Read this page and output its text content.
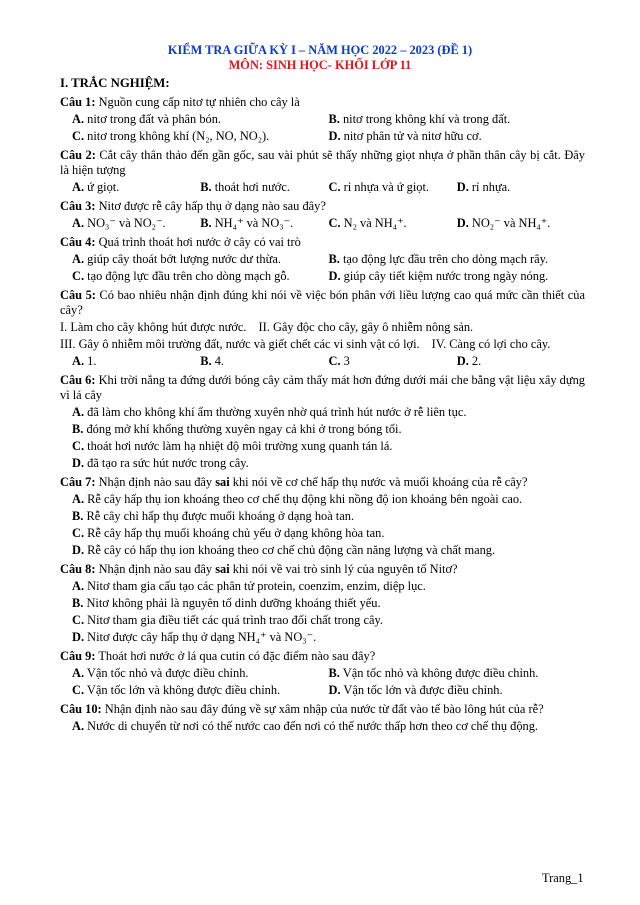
KIỂM TRA GIỮA KỲ I – NĂM HỌC 2022 – 2023 (ĐỀ 1)
MÔN: SINH HỌC- KHỐI LỚP 11
I. TRẮC NGHIỆM:

Câu 1: Nguồn cung cấp nitơ tự nhiên cho cây là

A. nitơ trong đất và phân bón.	B. nitơ trong không khí và trong đất.
C. nitơ trong không khí (N₂, NO, NO₂).	D. nitơ phân tử và nitơ hữu cơ.

Câu 2: Cắt cây thân thảo đến gần gốc, sau vài phút sẽ thấy những giọt nhựa ở phần thân cây bị cắt. Đây là hiện tượng

A. ứ giọt.	B. thoát hơi nước.	C. rỉ nhựa và ứ giọt.	D. rỉ nhựa.

Câu 3: Nitơ được rễ cây hấp thụ ở dạng nào sau đây?

A. NO₃⁻ và NO₂⁻.	B. NH₄⁺ và NO₃⁻.	C. N₂ và NH₄⁺.	D. NO₂⁻ và NH₄⁺.

Câu 4: Quá trình thoát hơi nước ở cây có vai trò

A. giúp cây thoát bớt lượng nước dư thừa.	B. tạo động lực đầu trên cho dòng mạch rây.
C. tạo động lực đầu trên cho dòng mạch gỗ.	D. giúp cây tiết kiệm nước trong ngày nóng.

Câu 5: Có bao nhiêu nhận định đúng khi nói về việc bón phân với liều lượng cao quá mức cần thiết của cây?

I. Làm cho cây không hút được nước. II. Gây độc cho cây, gây ô nhiễm nông sản.
III. Gây ô nhiễm môi trường đất, nước và giết chết các vi sinh vật có lợi. IV. Càng có lợi cho cây.
A. 1.	B. 4.	C. 3	D. 2.

Câu 6: Khi trời nắng ta đứng dưới bóng cây cảm thấy mát hơn đứng dưới mái che bằng vật liệu xây dựng vì lá cây

A. đã làm cho không khí ẩm thường xuyên nhờ quá trình hút nước ở rễ liên tục.
B. đóng mở khí khổng thường xuyên ngay cả khi ở trong bóng tối.
C. thoát hơi nước làm hạ nhiệt độ môi trường xung quanh tán lá.
D. đã tạo ra sức hút nước trong cây.

Câu 7: Nhận định nào sau đây sai khi nói về cơ chế hấp thụ nước và muối khoáng của rễ cây?

A. Rễ cây hấp thụ ion khoáng theo cơ chế thụ động khi nồng độ ion khoáng bên ngoài cao.
B. Rễ cây chỉ hấp thụ được muối khoáng ở dạng hoà tan.
C. Rễ cây hấp thụ muối khoáng chủ yếu ở dạng không hòa tan.
D. Rễ cây có hấp thụ ion khoáng theo cơ chế chủ động cần năng lượng và chất mang.

Câu 8: Nhận định nào sau đây sai khi nói về vai trò sinh lý của nguyên tố Nitơ?

A. Nitơ tham gia cấu tạo các phân tử protein, coenzim, enzim, diệp lục.
B. Nitơ không phải là nguyên tố dinh dưỡng khoáng thiết yếu.
C. Nitơ tham gia điều tiết các quá trình trao đổi chất trong cây.
D. Nitơ được cây hấp thụ ở dạng NH₄⁺ và NO₃⁻.

Câu 9: Thoát hơi nước ở lá qua cutin có đặc điểm nào sau đây?

A. Vận tốc nhỏ và được điều chỉnh.	B. Vận tốc nhỏ và không được điều chỉnh.
C. Vận tốc lớn và không được điều chỉnh.	D. Vận tốc lớn và được điều chỉnh.

Câu 10: Nhận định nào sau đây đúng về sự xâm nhập của nước từ đất vào tế bào lông hút của rễ?

A. Nước di chuyển từ nơi có thế nước cao đến nơi có thế nước thấp hơn theo cơ chế thụ động.
Trang_1
